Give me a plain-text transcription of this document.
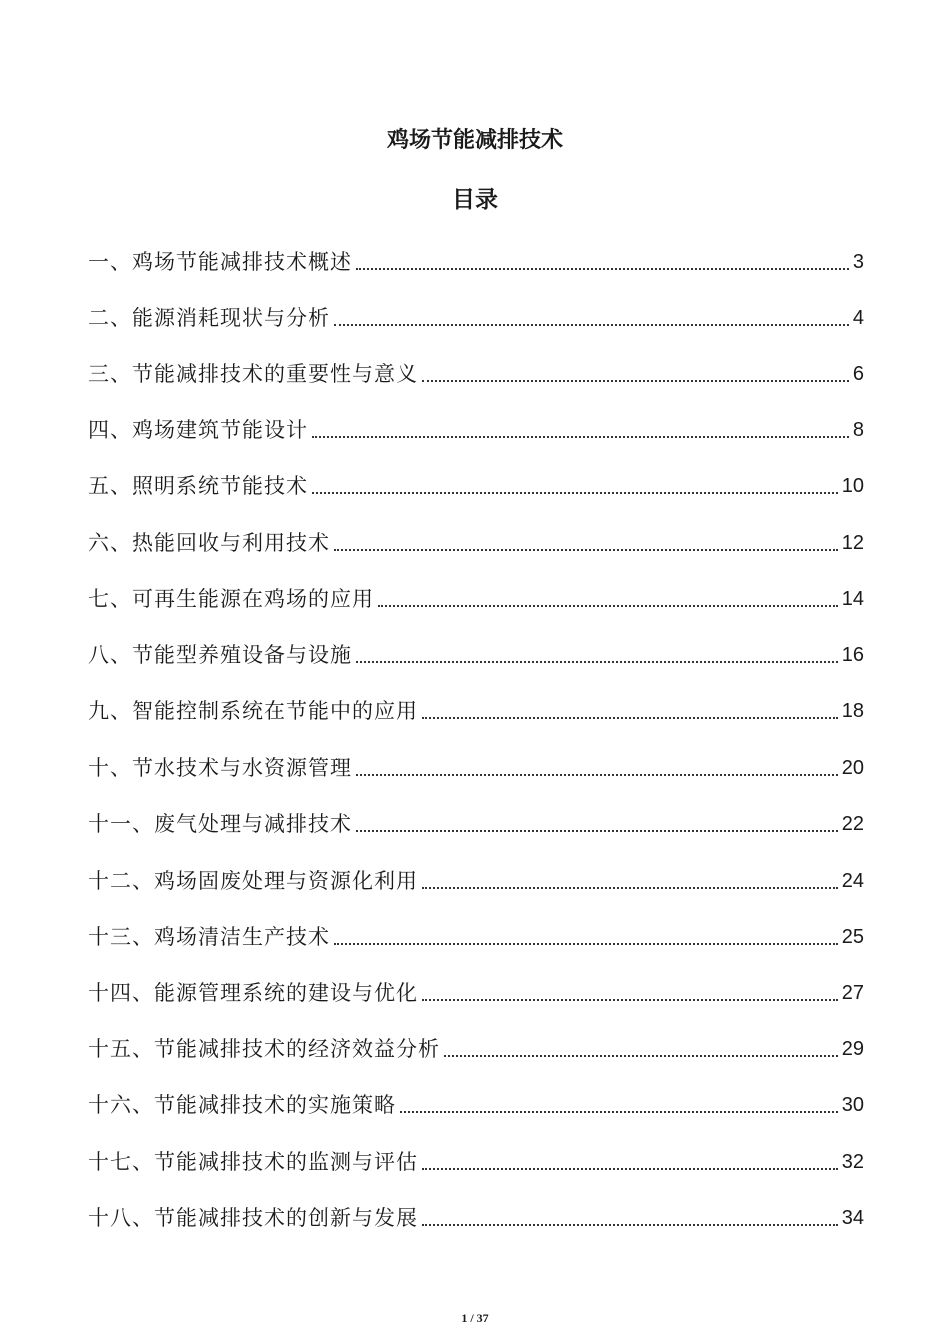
鸡场节能减排技术
目录
一、鸡场节能减排技术概述	3
二、能源消耗现状与分析	4
三、节能减排技术的重要性与意义	6
四、鸡场建筑节能设计	8
五、照明系统节能技术	10
六、热能回收与利用技术	12
七、可再生能源在鸡场的应用	14
八、节能型养殖设备与设施	16
九、智能控制系统在节能中的应用	18
十、节水技术与水资源管理	20
十一、废气处理与减排技术	22
十二、鸡场固废处理与资源化利用	24
十三、鸡场清洁生产技术	25
十四、能源管理系统的建设与优化	27
十五、节能减排技术的经济效益分析	29
十六、节能减排技术的实施策略	30
十七、节能减排技术的监测与评估	32
十八、节能减排技术的创新与发展	34
1 / 37
